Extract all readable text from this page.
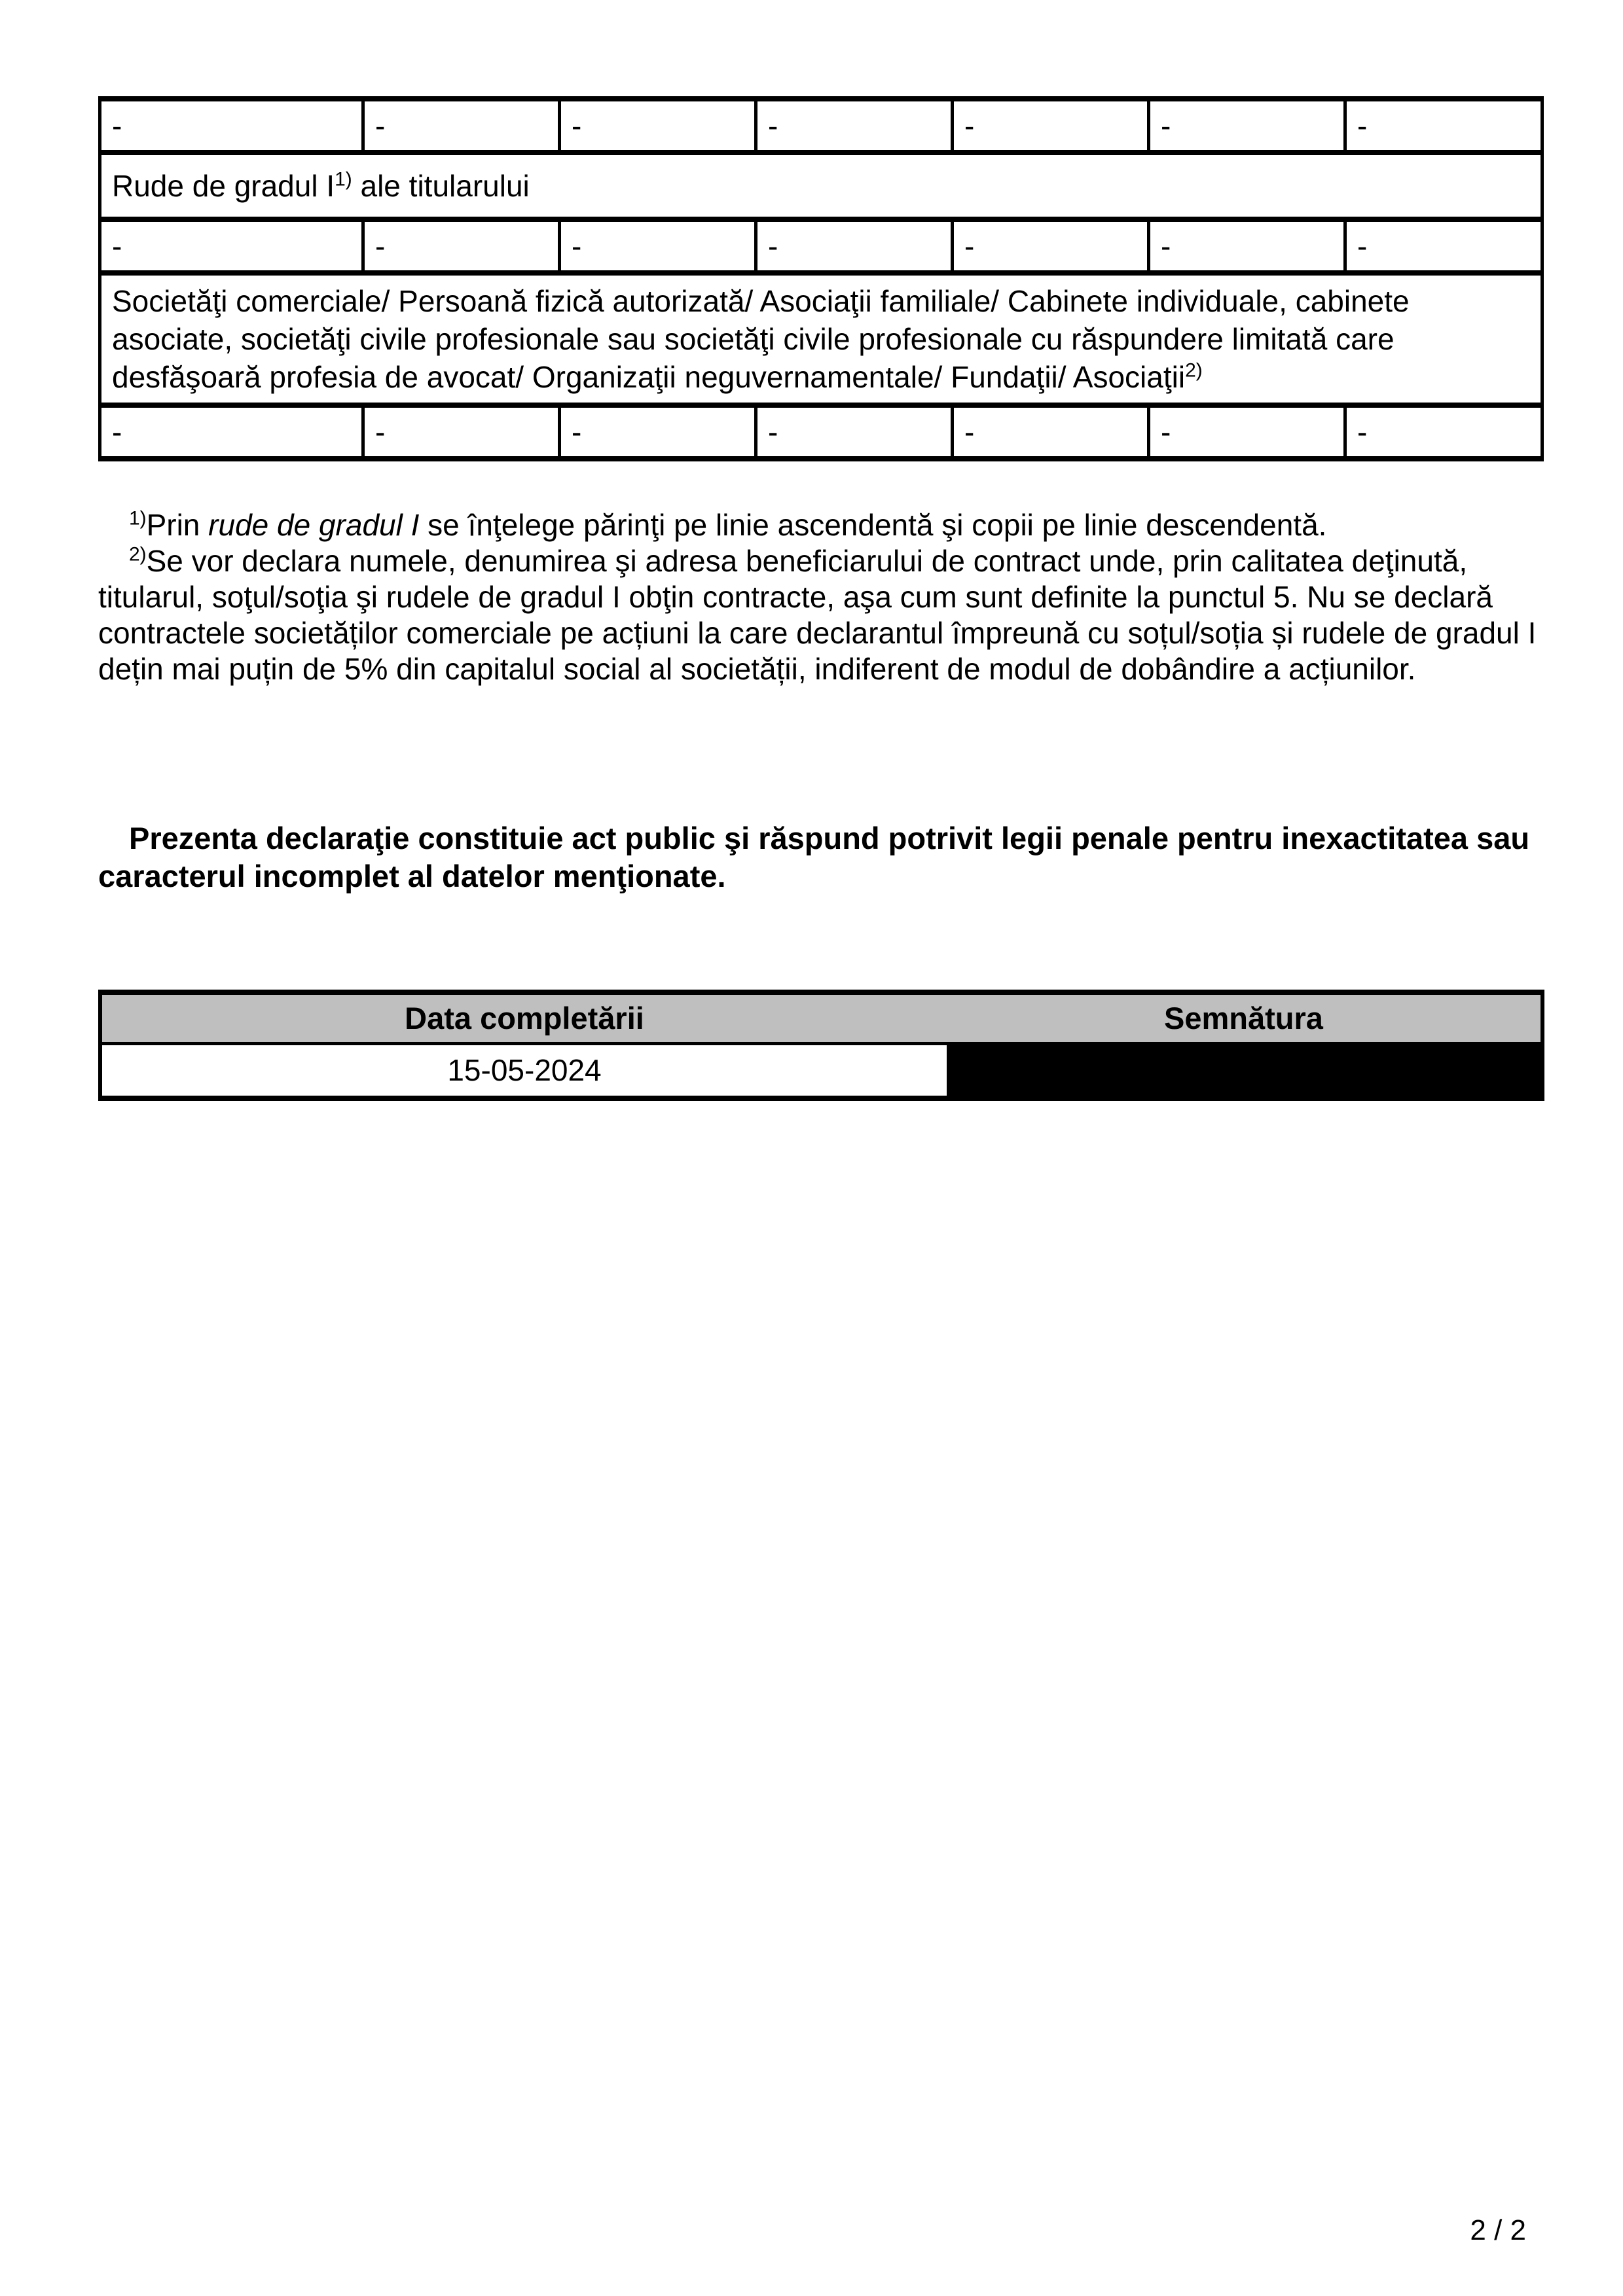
-	-	-	-	-	-	-
Rude de gradul $I^{1)}$ ale titularului						
-	-	-	-	-	-	-
Societăţi comerciale/ Persoană fizică autorizată/ Asociaţii familiale/ Cabinete individuale, cabinete asociate, societăţi civile profesionale sau societăţi civile profesionale cu răspundere limitată care desfăşoară profesia de avocat/ Organizaţii neguvernamentale/ Fundaţii/ Asociaţii$^{2)}$
-	-	-	-	-	-	-

$^{1)}$Prin rude de gradul I se înţelege părinţi pe linie ascendentă şi copii pe linie descendentă.

$^{2)}$Se vor declara numele, denumirea şi adresa beneficiarului de contract unde, prin calitatea deţinută, titularul, soţul/soţia şi rudele de gradul I obţin contracte, aşa cum sunt definite la punctul 5. Nu se declară contractele societăților comerciale pe acțiuni la care declarantul împreună cu soțul/soția și rudele de gradul I dețin mai puțin de 5% din capitalul social al societății, indiferent de modul de dobândire a acțiunilor.

Prezenta declaraţie constituie act public şi răspund potrivit legii penale pentru inexactitatea sau caracterul incomplet al datelor menţionate.

Data completării	Semnătura
15-05-2024	
2 / 2
